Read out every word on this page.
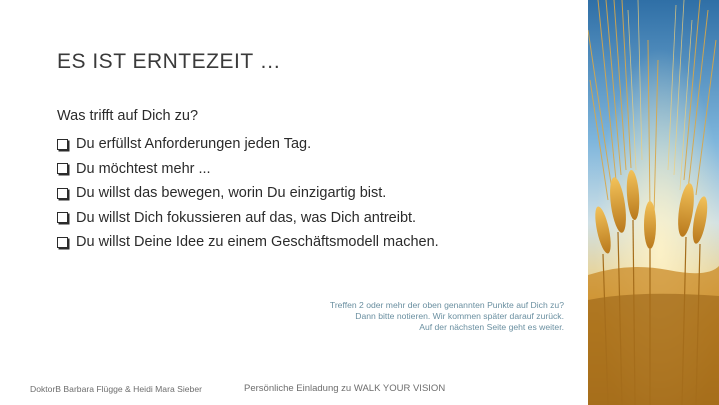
ES IST ERNTEZEIT …
Was trifft auf Dich zu?
Du erfüllst Anforderungen jeden Tag.
Du möchtest mehr ...
Du willst das bewegen, worin Du einzigartig bist.
Du willst Dich fokussieren auf das, was Dich antreibt.
Du willst Deine Idee zu einem Geschäftsmodell machen.
Treffen 2 oder mehr der oben genannten Punkte auf Dich zu?
Dann bitte notieren. Wir kommen später darauf zurück.
Auf der nächsten Seite geht es weiter.
DoktorB Barbara Flügge & Heidi Mara Sieber	Persönliche Einladung zu WALK YOUR VISION
